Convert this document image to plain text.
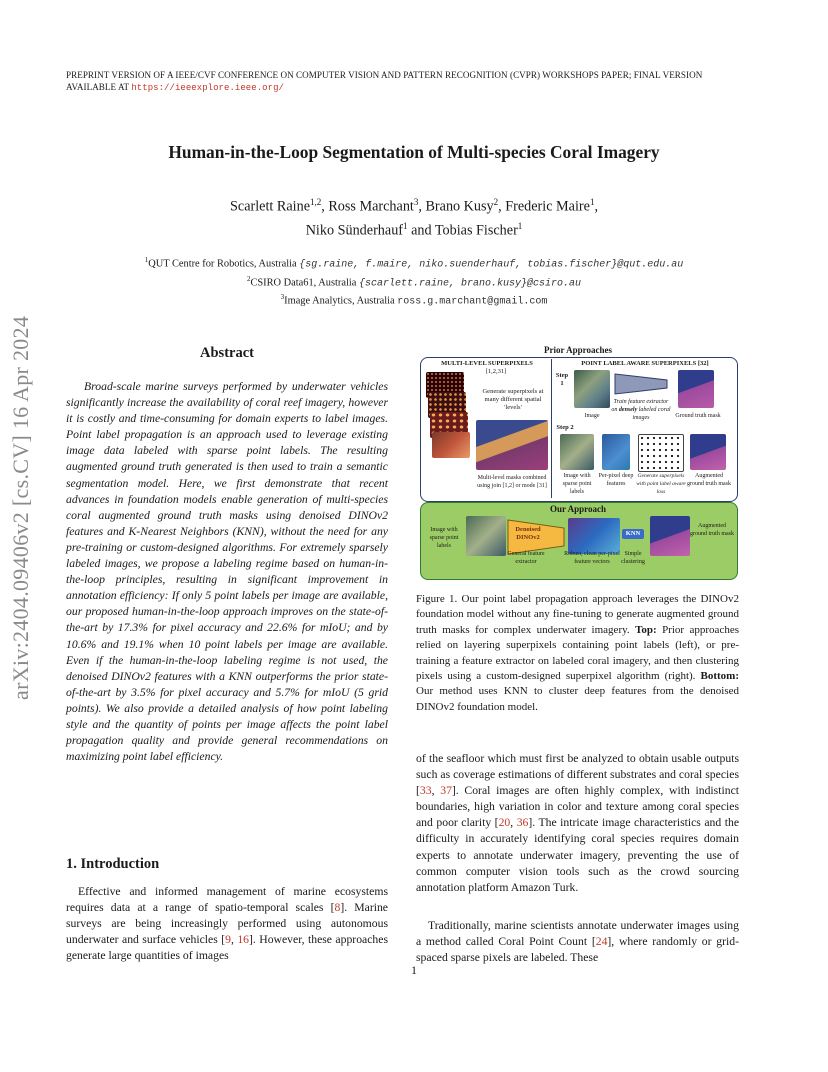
PREPRINT VERSION OF A IEEE/CVF CONFERENCE ON COMPUTER VISION AND PATTERN RECOGNITION (CVPR) WORKSHOPS PAPER; FINAL VERSION
AVAILABLE AT https://ieeexplore.ieee.org/
arXiv:2404.09406v2 [cs.CV] 16 Apr 2024
Human-in-the-Loop Segmentation of Multi-species Coral Imagery
Scarlett Raine$^{1,2}$, Ross Marchant$^3$, Brano Kusy$^2$, Frederic Maire$^1$,
Niko Sünderhauf$^1$ and Tobias Fischer$^1$
$^1$QUT Centre for Robotics, Australia {sg.raine, f.maire, niko.suenderhauf, tobias.fischer}@qut.edu.au
$^2$CSIRO Data61, Australia {scarlett.raine, brano.kusy}@csiro.au
$^3$Image Analytics, Australia ross.g.marchant@gmail.com
Abstract
Broad-scale marine surveys performed by underwater vehicles significantly increase the availability of coral reef imagery, however it is costly and time-consuming for domain experts to label images. Point label propagation is an approach used to leverage existing image data labeled with sparse point labels. The resulting augmented ground truth generated is then used to train a semantic segmentation model. Here, we first demonstrate that recent advances in foundation models enable generation of multi-species coral augmented ground truth masks using denoised DINOv2 features and K-Nearest Neighbors (KNN), without the need for any pre-training or custom-designed algorithms. For extremely sparsely labeled images, we propose a labeling regime based on human-in-the-loop principles, resulting in significant improvement in annotation efficiency: If only 5 point labels per image are available, our proposed human-in-the-loop approach improves on the state-of-the-art by 17.3% for pixel accuracy and 22.6% for mIoU; and by 10.6% and 19.1% when 10 point labels per image are available. Even if the human-in-the-loop labeling regime is not used, the denoised DINOv2 features with a KNN outperforms the prior state-of-the-art by 3.5% for pixel accuracy and 5.7% for mIoU (5 grid points). We also provide a detailed analysis of how point labeling style and the quantity of points per image affects the point label propagation quality and provide general recommendations on maximizing point label efficiency.
1. Introduction
Effective and informed management of marine ecosystems requires data at a range of spatio-temporal scales [8]. Marine surveys are being increasingly performed using autonomous underwater and surface vehicles [9, 16]. However, these approaches generate large quantities of images
Prior Approaches
MULTI-LEVEL SUPERPIXELS
[1,2,31]
Generate superpixels at many different spatial 'levels'
Multi-level masks combined using join [1,2] or mode [31]
POINT LABEL AWARE SUPERPIXELS [32]
Step 1
Image
Train feature extractor on densely labeled coral images	Ground truth mask
Step 2
Image with sparse point labels
Per-pixel deep features
Generate superpixels with point label aware loss
Augmented ground truth mask
Our Approach
Image with sparse point labels
Denoised DINOv2
KNN
Augmented ground truth mask
General feature extractor
Robust, clean per-pixel feature vectors
Simple clustering
Figure 1. Our point label propagation approach leverages the DINOv2 foundation model without any fine-tuning to generate augmented ground truth masks for complex underwater imagery. Top: Prior approaches relied on layering superpixels containing point labels (left), or pre-training a feature extractor on labeled coral imagery, and then clustering pixels using a custom-designed superpixel algorithm (right). Bottom: Our method uses KNN to cluster deep features from the denoised DINOv2 foundation model.
of the seafloor which must first be analyzed to obtain usable outputs such as coverage estimations of different substrates and coral species [33, 37]. Coral images are often highly complex, with indistinct boundaries, high variation in color and texture among coral species and poor clarity [20, 36]. The intricate image characteristics and the difficulty in accurately identifying coral species requires domain experts to annotate underwater imagery, preventing the use of common computer vision tools such as the crowd sourcing annotation platform Amazon Turk.
Traditionally, marine scientists annotate underwater images using a method called Coral Point Count [24], where randomly or grid-spaced sparse pixels are labeled. These
1
